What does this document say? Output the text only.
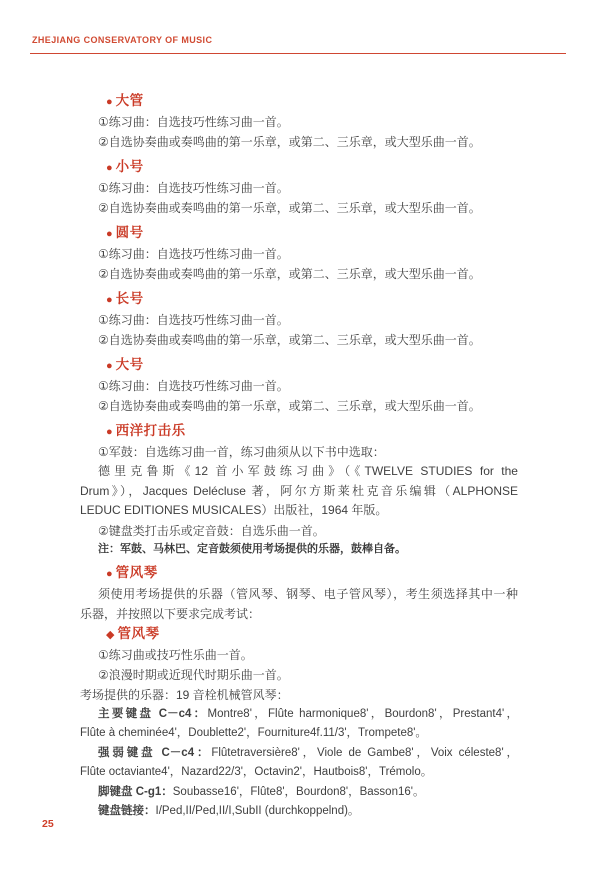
ZHEJIANG CONSERVATORY OF MUSIC
● 大管
①练习曲：自选技巧性练习曲一首。
②自选协奏曲或奏鸣曲的第一乐章，或第二、三乐章，或大型乐曲一首。
● 小号
①练习曲：自选技巧性练习曲一首。
②自选协奏曲或奏鸣曲的第一乐章，或第二、三乐章，或大型乐曲一首。
● 圆号
①练习曲：自选技巧性练习曲一首。
②自选协奏曲或奏鸣曲的第一乐章，或第二、三乐章，或大型乐曲一首。
● 长号
①练习曲：自选技巧性练习曲一首。
②自选协奏曲或奏鸣曲的第一乐章，或第二、三乐章，或大型乐曲一首。
● 大号
①练习曲：自选技巧性练习曲一首。
②自选协奏曲或奏鸣曲的第一乐章，或第二、三乐章，或大型乐曲一首。
● 西洋打击乐
①军鼓：自选练习曲一首，练习曲须从以下书中选取：
德里克鲁斯《12 首小军鼓练习曲》（《TWELVE STUDIES for the
Drum》），Jacques Delécluse 著，阿尔方斯莱杜克音乐编辑（ALPHONSE
LEDUC EDITIONES MUSICALES）出版社，1964 年版。
②键盘类打击乐或定音鼓：自选乐曲一首。
注：军鼓、马林巴、定音鼓须使用考场提供的乐器，鼓棒自备。
● 管风琴
须使用考场提供的乐器（管风琴、钢琴、电子管风琴），考生须选择其中一种
乐器，并按照以下要求完成考试：
◆ 管风琴
①练习曲或技巧性乐曲一首。
②浪漫时期或近现代时期乐曲一首。
考场提供的乐器：19 音栓机械管风琴：
主要键盘 C－c4：Montre8'，Flûte harmonique8'，Bourdon8'，Prestant4'，
Flûte à cheminée4'，Doublette2'，Fourniture4f.11/3'，Trompete8'。
强弱键盘 C－c4：Flûtetraversière8'，Viole de Gambe8'，Voix céleste8'，
Flûte octaviante4'，Nazard22/3'，Octavin2'，Hautbois8'，Trémolo。
脚键盘 C-g1：Soubasse16'，Flûte8'，Bourdon8'，Basson16'。
键盘链接：I/Ped,II/Ped,II/I,SubII (durchkoppelnd)。
25
